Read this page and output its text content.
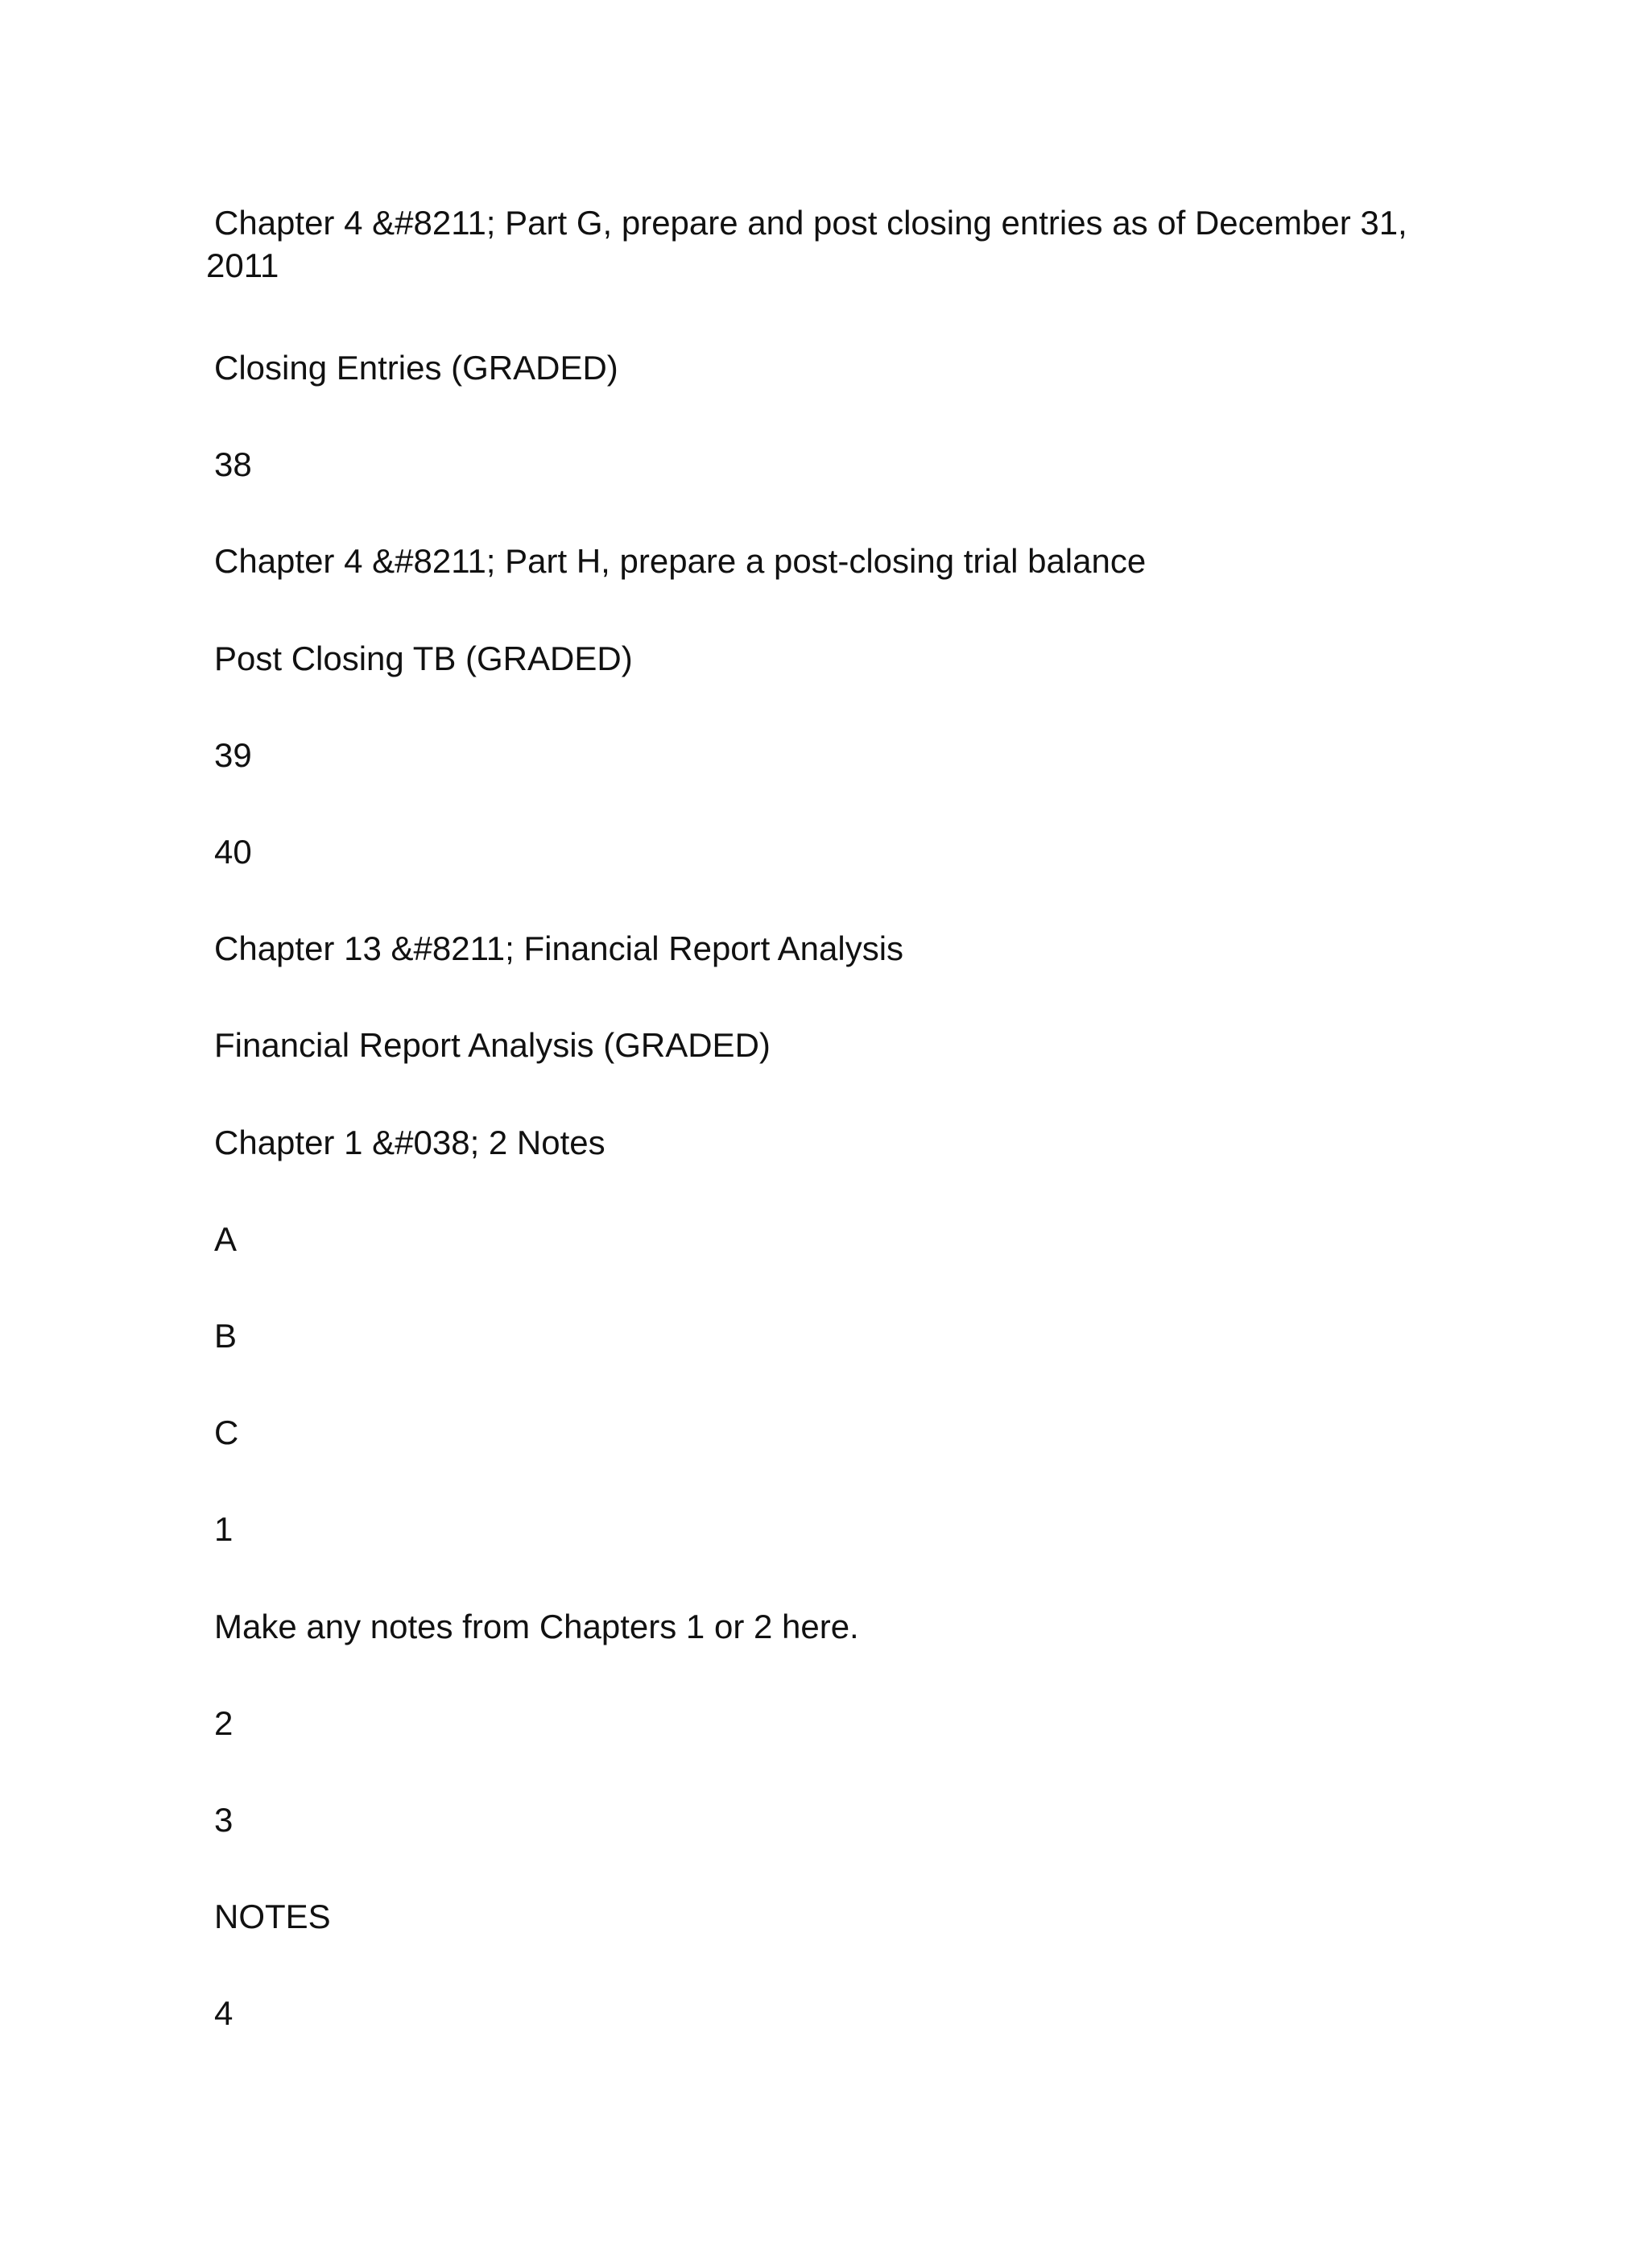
Chapter 4 &#8211; Part G, prepare and post closing entries as of December 31,
2011

Closing Entries (GRADED)

38

Chapter 4 &#8211; Part H, prepare a post-closing trial balance

Post Closing TB (GRADED)

39

40

Chapter 13 &#8211; Financial Report Analysis

Financial Report Analysis (GRADED)

Chapter 1 &#038; 2 Notes

A

B

C

1

Make any notes from Chapters 1 or 2 here.

2

3

NOTES

4
